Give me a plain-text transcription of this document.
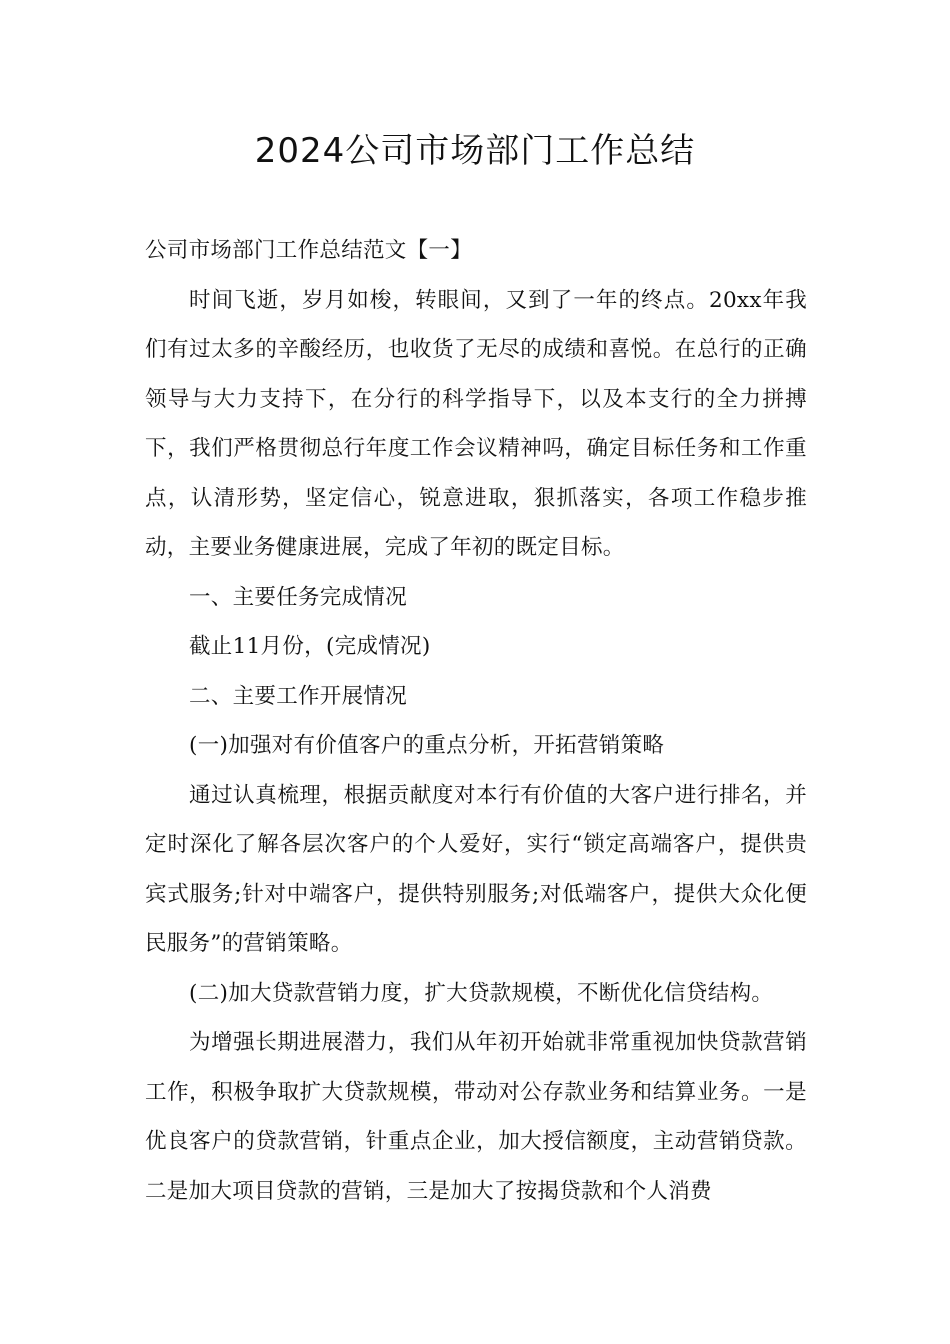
2024公司市场部门工作总结

公司市场部门工作总结范文【一】

时间飞逝，岁月如梭，转眼间，又到了一年的终点。20xx年我们有过太多的辛酸经历，也收货了无尽的成绩和喜悦。在总行的正确领导与大力支持下，在分行的科学指导下，以及本支行的全力拼搏下，我们严格贯彻总行年度工作会议精神吗，确定目标任务和工作重点，认清形势，坚定信心，锐意进取，狠抓落实，各项工作稳步推动，主要业务健康进展，完成了年初的既定目标。

一、主要任务完成情况

截止11月份，(完成情况)

二、主要工作开展情况

(一)加强对有价值客户的重点分析，开拓营销策略

通过认真梳理，根据贡献度对本行有价值的大客户进行排名，并定时深化了解各层次客户的个人爱好，实行“锁定高端客户，提供贵宾式服务;针对中端客户，提供特别服务;对低端客户，提供大众化便民服务”的营销策略。

(二)加大贷款营销力度，扩大贷款规模，不断优化信贷结构。

为增强长期进展潜力，我们从年初开始就非常重视加快贷款营销工作，积极争取扩大贷款规模，带动对公存款业务和结算业务。一是优良客户的贷款营销，针重点企业，加大授信额度，主动营销贷款。二是加大项目贷款的营销，三是加大了按揭贷款和个人消费
